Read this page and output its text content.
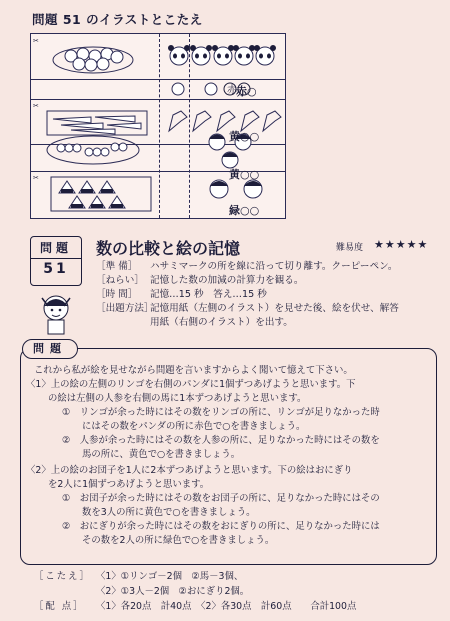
問題 51 のイラストとこたえ
✂
赤
✂
✂
赤○
黄○○
黄○○
緑○○
問題
51
数の比較と絵の記憶	難易度 ★★★★★
［準 備］ ハサミマークの所を線に沿って切り離す。クーピーペン。
［ねらい］ 記憶した数の加減の計算力を観る。
［時 間］ 記憶…15 秒　答え…15 秒
［出題方法］記憶用紙（左側のイラスト）を見せた後、絵を伏せ、解答
用紙（右側のイラスト）を出す。
問題
これから私が絵を見せながら問題を言いますからよく聞いて憶えて下さい。
〈1〉上の絵の左側のリンゴを右側のパンダに1個ずつあげようと思います。下
の絵は左側の人参を右側の馬に1本ずつあげようと思います。
①　リンゴが余った時にはその数をリンゴの所に、リンゴが足りなかった時
にはその数をパンダの所に赤色で○を書きましょう。
②　人参が余った時にはその数を人参の所に、足りなかった時にはその数を
馬の所に、黄色で○を書きましょう。
〈2〉上の絵のお団子を1人に2本ずつあげようと思います。下の絵はおにぎり
を2人に1個ずつあげようと思います。
①　お団子が余った時にはその数をお団子の所に、足りなかった時にはその
数を3人の所に黄色で○を書きましょう。
②　おにぎりが余った時にはその数をおにぎりの所に、足りなかった時には
その数を2人の所に緑色で○を書きましょう。
［こたえ］ 〈1〉①リンゴ－2個　②馬－3個、
〈2〉①3人－2個　②おにぎり2個。
［配 点］ 〈1〉各20点　計40点　〈2〉各30点　計60点　　合計100点
